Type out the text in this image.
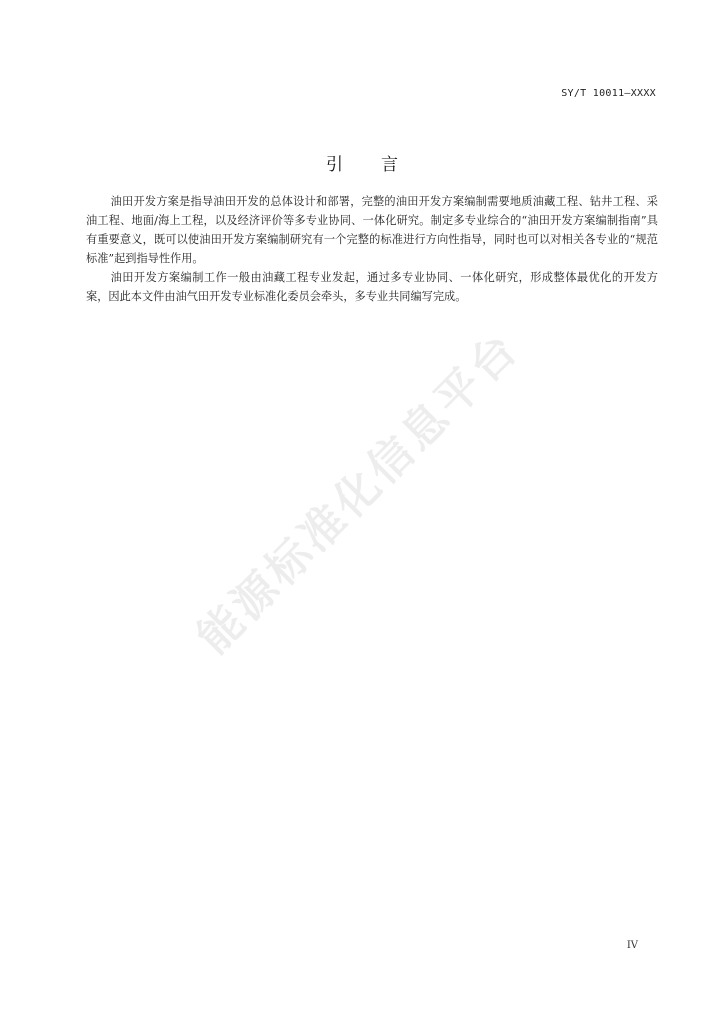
SY/T 10011—XXXX
引言

油田开发方案是指导油田开发的总体设计和部署，完整的油田开发方案编制需要地质油藏工程、钻井工程、采油工程、地面/海上工程，以及经济评价等多专业协同、一体化研究。制定多专业综合的“油田开发方案编制指南”具有重要意义，既可以使油田开发方案编制研究有一个完整的标准进行方向性指导，同时也可以对相关各专业的“规范标准”起到指导性作用。

油田开发方案编制工作一般由油藏工程专业发起，通过多专业协同、一体化研究，形成整体最优化的开发方案，因此本文件由油气田开发专业标准化委员会牵头，多专业共同编写完成。

能源标准化信息平台
IV
